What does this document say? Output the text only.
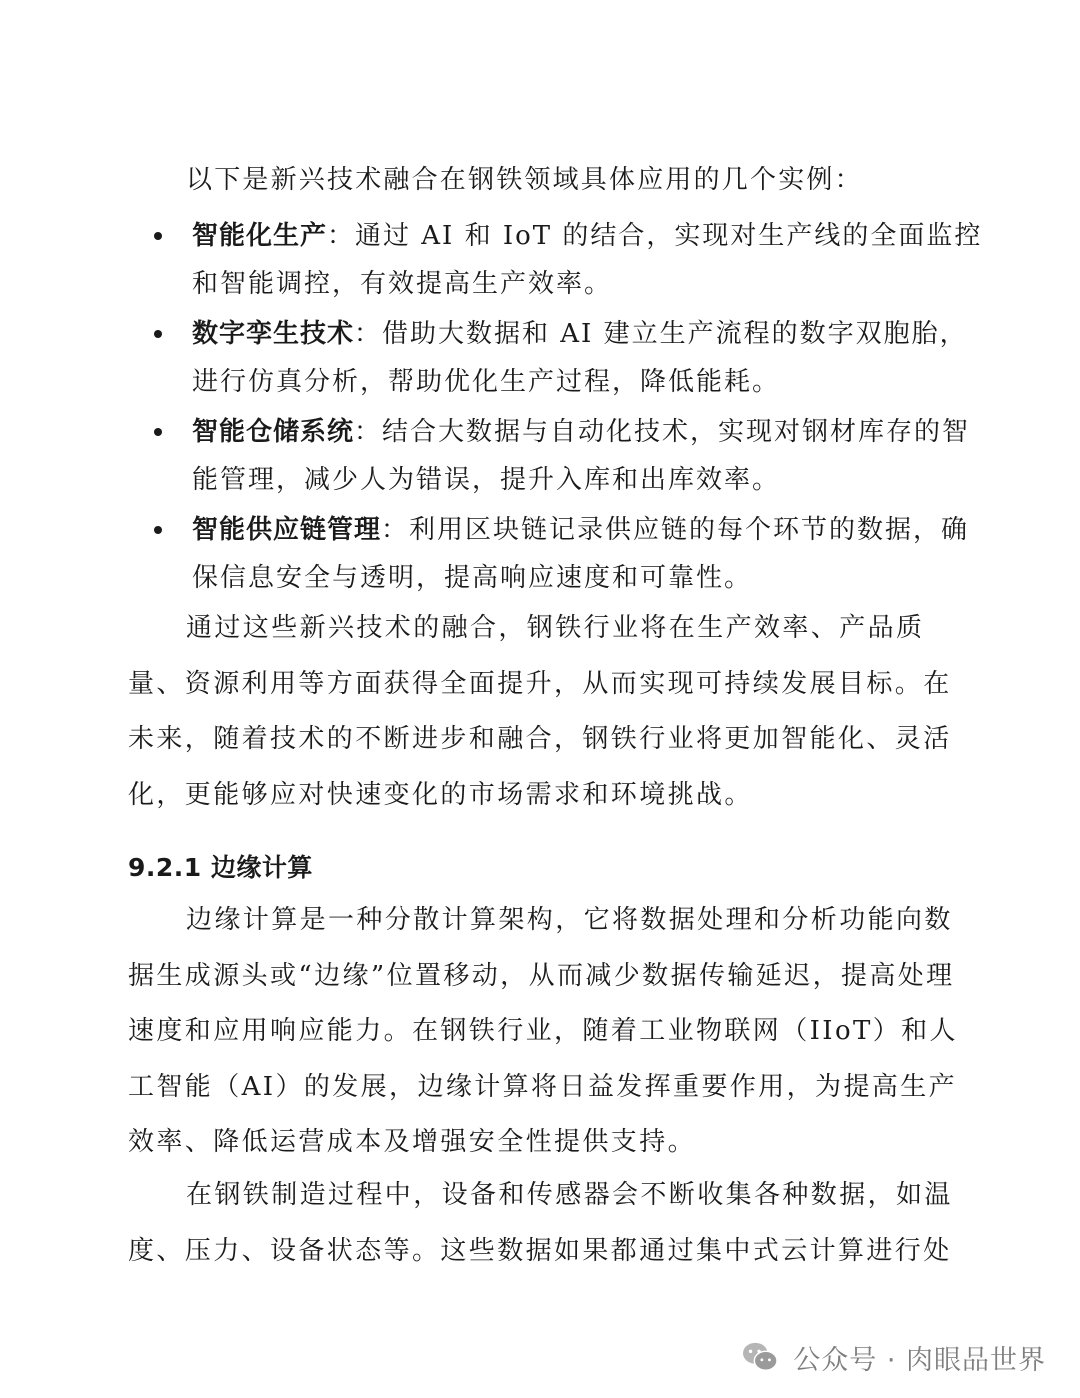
以下是新兴技术融合在钢铁领域具体应用的几个实例：
智能化生产：通过 AI 和 IoT 的结合，实现对生产线的全面监控和智能调控，有效提高生产效率。
数字孪生技术：借助大数据和 AI 建立生产流程的数字双胞胎，进行仿真分析，帮助优化生产过程，降低能耗。
智能仓储系统：结合大数据与自动化技术，实现对钢材库存的智能管理，减少人为错误，提升入库和出库效率。
智能供应链管理：利用区块链记录供应链的每个环节的数据，确保信息安全与透明，提高响应速度和可靠性。
通过这些新兴技术的融合，钢铁行业将在生产效率、产品质量、资源利用等方面获得全面提升，从而实现可持续发展目标。在未来，随着技术的不断进步和融合，钢铁行业将更加智能化、灵活化，更能够应对快速变化的市场需求和环境挑战。
9.2.1 边缘计算
边缘计算是一种分散计算架构，它将数据处理和分析功能向数据生成源头或“边缘”位置移动，从而减少数据传输延迟，提高处理速度和应用响应能力。在钢铁行业，随着工业物联网（IIoT）和人工智能（AI）的发展，边缘计算将日益发挥重要作用，为提高生产效率、降低运营成本及增强安全性提供支持。
在钢铁制造过程中，设备和传感器会不断收集各种数据，如温度、压力、设备状态等。这些数据如果都通过集中式云计算进行处
公众号 · 肉眼品世界
